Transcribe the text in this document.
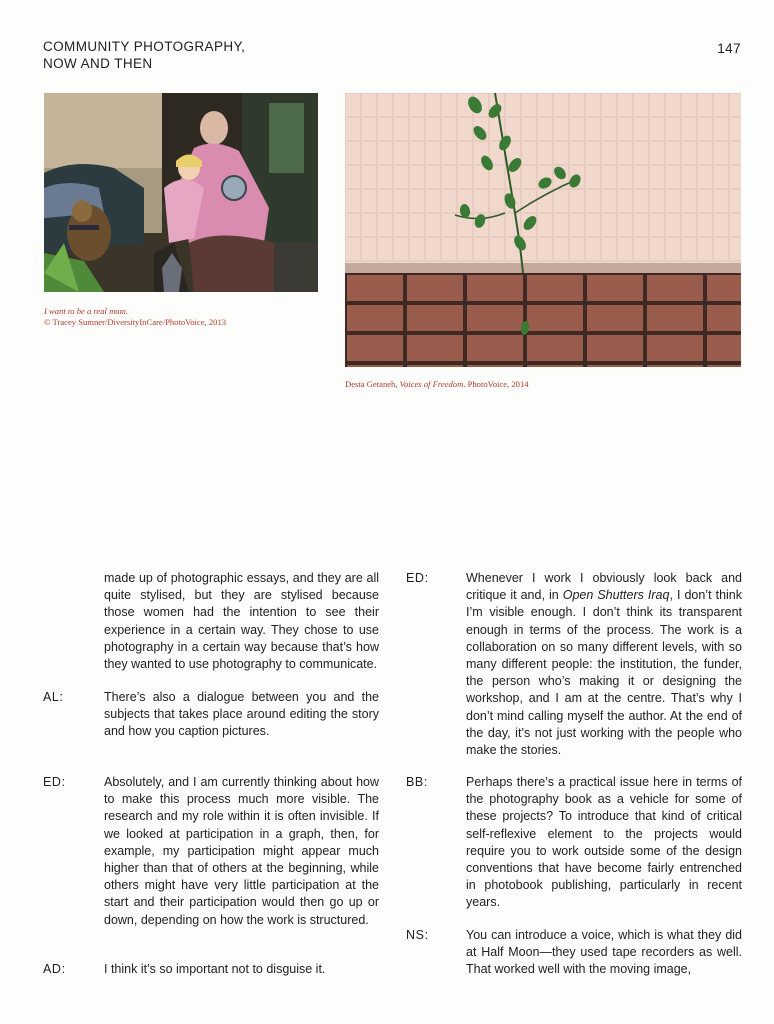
COMMUNITY PHOTOGRAPHY,
NOW AND THEN
147
I want to be a real mum.
© Tracey Sumner/DiversityInCare/PhotoVoice, 2013
Desta Getaneh, Voices of Freedom. PhotoVoice, 2014
made up of photographic essays, and they are all quite stylised, but they are stylised because those women had the intention to see their experience in a certain way. They chose to use photography in a certain way because that’s how they wanted to use photography to communicate.
AL:	There’s also a dialogue between you and the subjects that takes place around editing the story and how you caption pictures.
ED:	Absolutely, and I am currently thinking about how to make this process much more visible. The research and my role within it is often invisible. If we looked at participation in a graph, then, for example, my participation might appear much higher than that of others at the beginning, while others might have very little participation at the start and their participation would then go up or down, depending on how the work is structured.
AD:	I think it’s so important not to disguise it.
ED:	Whenever I work I obviously look back and critique it and, in Open Shutters Iraq, I don’t think I’m visible enough. I don’t think its transparent enough in terms of the process. The work is a collaboration on so many different levels, with so many different people: the institution, the funder, the person who’s making it or designing the workshop, and I am at the centre. That’s why I don’t mind calling myself the author. At the end of the day, it’s not just working with the people who make the stories.
BB:	Perhaps there’s a practical issue here in terms of the photography book as a vehicle for some of these projects? To introduce that kind of critical self-reflexive element to the projects would require you to work outside some of the design conventions that have become fairly entrenched in photobook publishing, particularly in recent years.
NS:	You can introduce a voice, which is what they did at Half Moon—they used tape recorders as well. That worked well with the moving image,
